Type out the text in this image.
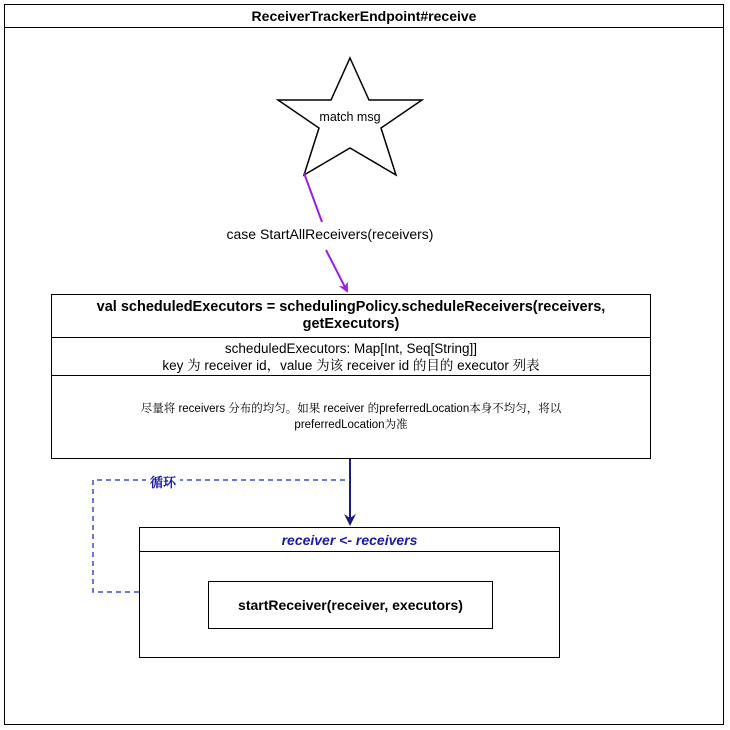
ReceiverTrackerEndpoint#receive
match msg
case StartAllReceivers(receivers)
val scheduledExecutors = schedulingPolicy.scheduleReceivers(receivers, getExecutors)
scheduledExecutors: Map[Int, Seq[String]]
key 为 receiver id，value 为该 receiver id 的目的 executor 列表
尽量将 receivers 分布的均匀。如果 receiver 的preferredLocation本身不均匀，将以preferredLocation为准
循环
receiver <- receivers
startReceiver(receiver, executors)
